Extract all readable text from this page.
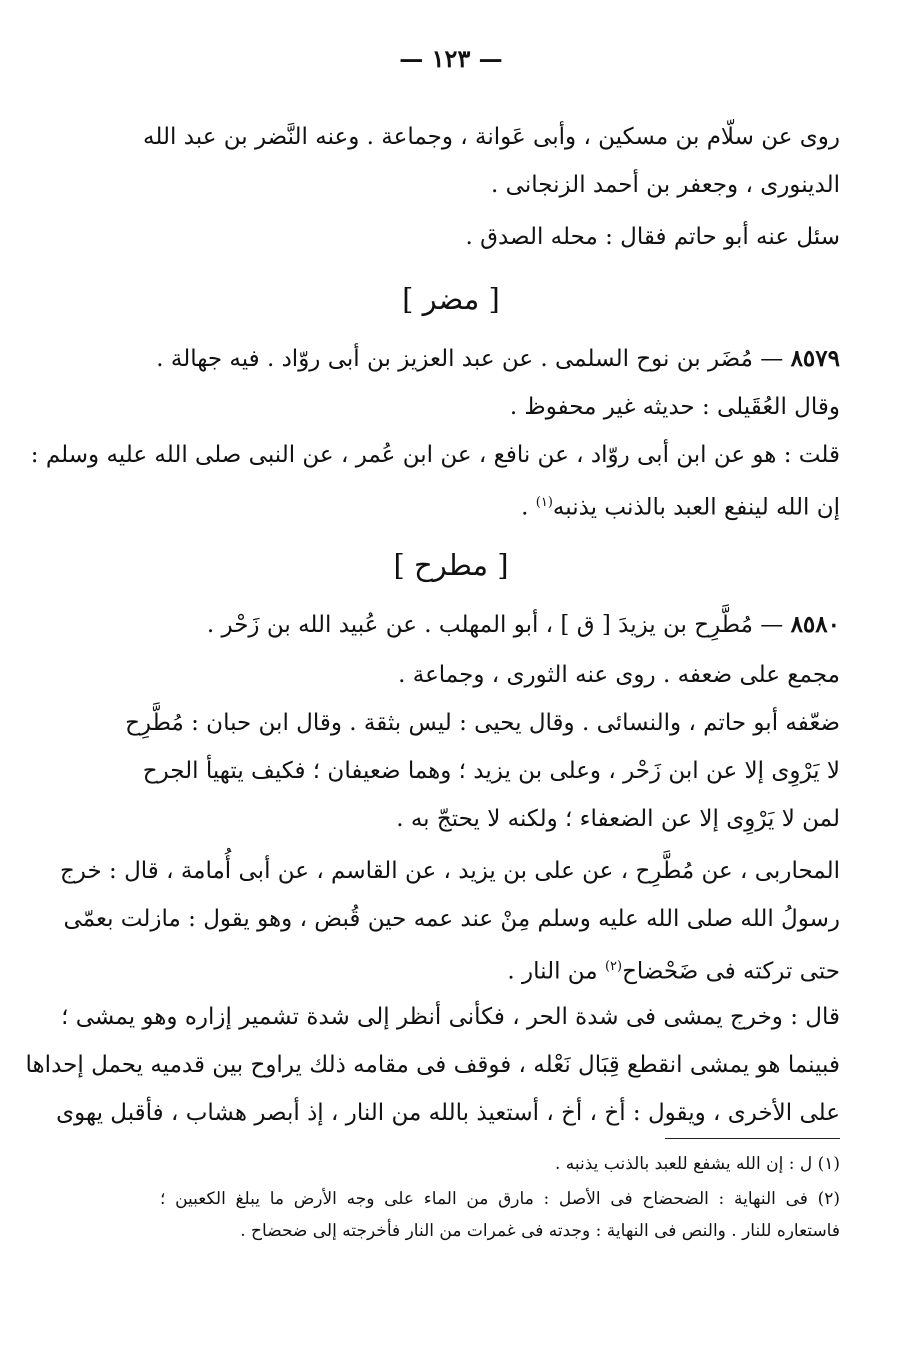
— ١٢٣ —
روى عن سلّام بن مسكين ، وأبى عَوانة ، وجماعة . وعنه النَّضر بن عبد الله
الدينورى ، وجعفر بن أحمد الزنجانى .
سئل عنه أبو حاتم فقال : محله الصدق .
[ مضر ]
٨٥٧٩ — مُضَر بن نوح السلمى . عن عبد العزيز بن أبى روّاد . فيه جهالة .
وقال العُقَيلى : حديثه غير محفوظ .
قلت : هو عن ابن أبى روّاد ، عن نافع ، عن ابن عُمر ، عن النبى صلى الله عليه وسلم :
إن الله لينفع العبد بالذنب يذنبه$^{(١)}$ .
[ مطرح ]
٨٥٨٠ — مُطَّرِح بن يزيدَ [ ق ] ، أبو المهلب . عن عُبيد الله بن زَحْر .
مجمع على ضعفه . روى عنه الثورى ، وجماعة .
ضعّفه أبو حاتم ، والنسائى . وقال يحيى : ليس بثقة . وقال ابن حبان : مُطَّرِح
لا يَرْوِى إلا عن ابن زَحْر ، وعلى بن يزيد ؛ وهما ضعيفان ؛ فكيف يتهيأ الجرح
لمن لا يَرْوِى إلا عن الضعفاء ؛ ولكنه لا يحتجّ به .
المحاربى ، عن مُطَّرِح ، عن على بن يزيد ، عن القاسم ، عن أبى أُمامة ، قال : خرج
رسولُ الله صلى الله عليه وسلم مِنْ عند عمه حين قُبض ، وهو يقول : مازلت بعمّى
حتى تركته فى ضَحْضاح$^{(٢)}$ من النار .
قال : وخرج يمشى فى شدة الحر ، فكأنى أنظر إلى شدة تشمير إزاره وهو يمشى ؛
فبينما هو يمشى انقطع قِبَال نَعْله ، فوقف فى مقامه ذلك يراوح بين قدميه يحمل إحداها
على الأخرى ، ويقول : أخ ، أخ ، أستعيذ بالله من النار ، إذ أبصر هشاب ، فأقبل يهوى
(١) ل : إن الله يشفع للعبد بالذنب يذنبه .
(٢) فى النهاية : الضحضاح فى الأصل : مارق من الماء على وجه الأرض ما يبلغ الكعبين ؛
فاستعاره للنار . والنص فى النهاية : وجدته فى غمرات من النار فأخرجته إلى ضحضاح .
